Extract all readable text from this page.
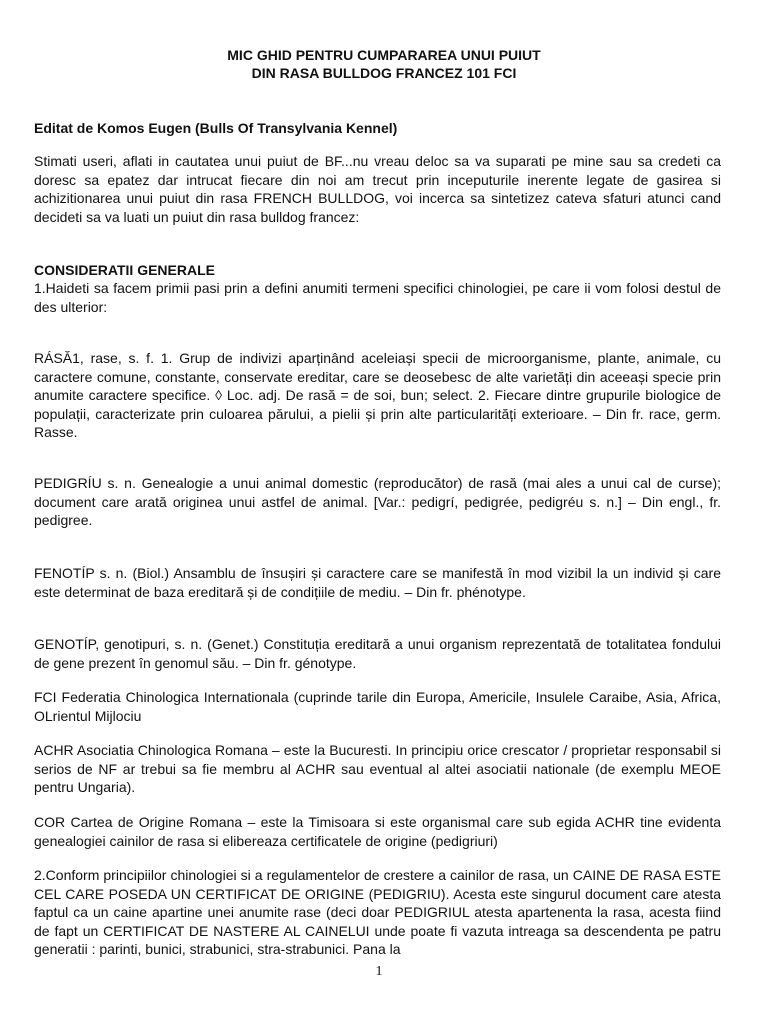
MIC GHID PENTRU CUMPARAREA UNUI PUIUT
DIN RASA BULLDOG FRANCEZ 101 FCI
Editat de Komos Eugen (Bulls Of Transylvania Kennel)
Stimati useri, aflati in cautatea unui puiut de BF...nu vreau deloc sa va suparati pe mine sau sa credeti ca doresc sa epatez dar intrucat fiecare din noi am trecut prin inceputurile inerente legate de gasirea si achizitionarea unui puiut din rasa FRENCH BULLDOG, voi incerca sa sintetizez cateva sfaturi atunci cand decideti sa va luati un puiut din rasa bulldog francez:
CONSIDERATII GENERALE
1.Haideti sa facem primii pasi prin a defini anumiti termeni specifici chinologiei, pe care ii vom folosi destul de des ulterior:
RÁSĂ1, rase, s. f. 1. Grup de indivizi aparținând aceleiași specii de microorganisme, plante, animale, cu caractere comune, constante, conservate ereditar, care se deosebesc de alte varietăți din aceeași specie prin anumite caractere specifice. ◊ Loc. adj. De rasă = de soi, bun; select. 2. Fiecare dintre grupurile biologice de populații, caracterizate prin culoarea părului, a pielii și prin alte particularități exterioare. – Din fr. race, germ. Rasse.
PEDIGRÍU s. n. Genealogie a unui animal domestic (reproducător) de rasă (mai ales a unui cal de curse); document care arată originea unui astfel de animal. [Var.: pedigrí, pedigrée, pedigréu s. n.] – Din engl., fr. pedigree.
FENOTÍP s. n. (Biol.) Ansamblu de însușiri și caractere care se manifestă în mod vizibil la un individ și care este determinat de baza ereditară și de condițiile de mediu. – Din fr. phénotype.
GENOTÍP, genotipuri, s. n. (Genet.) Constituția ereditară a unui organism reprezentată de totalitatea fondului de gene prezent în genomul său. – Din fr. génotype.
FCI Federatia Chinologica Internationala (cuprinde tarile din Europa, Americile, Insulele Caraibe, Asia, Africa, OLrientul Mijlociu
ACHR Asociatia Chinologica Romana – este la Bucuresti. In principiu orice crescator / proprietar responsabil si serios de NF ar trebui sa fie membru al ACHR sau eventual al altei asociatii nationale (de exemplu MEOE pentru Ungaria).
COR Cartea de Origine Romana – este la Timisoara si este organismal care sub egida ACHR tine evidenta genealogiei cainilor de rasa si elibereaza certificatele de origine (pedigriuri)
2.Conform principiilor chinologiei si a regulamentelor de crestere a cainilor de rasa, un CAINE DE RASA ESTE CEL CARE POSEDA UN CERTIFICAT DE ORIGINE (PEDIGRIU). Acesta este singurul document care atesta faptul ca un caine apartine unei anumite rase (deci doar PEDIGRIUL atesta apartenenta la rasa, acesta fiind de fapt un CERTIFICAT DE NASTERE AL CAINELUI unde poate fi vazuta intreaga sa descendenta pe patru generatii : parinti, bunici, strabunici, stra-strabunici. Pana la
1
